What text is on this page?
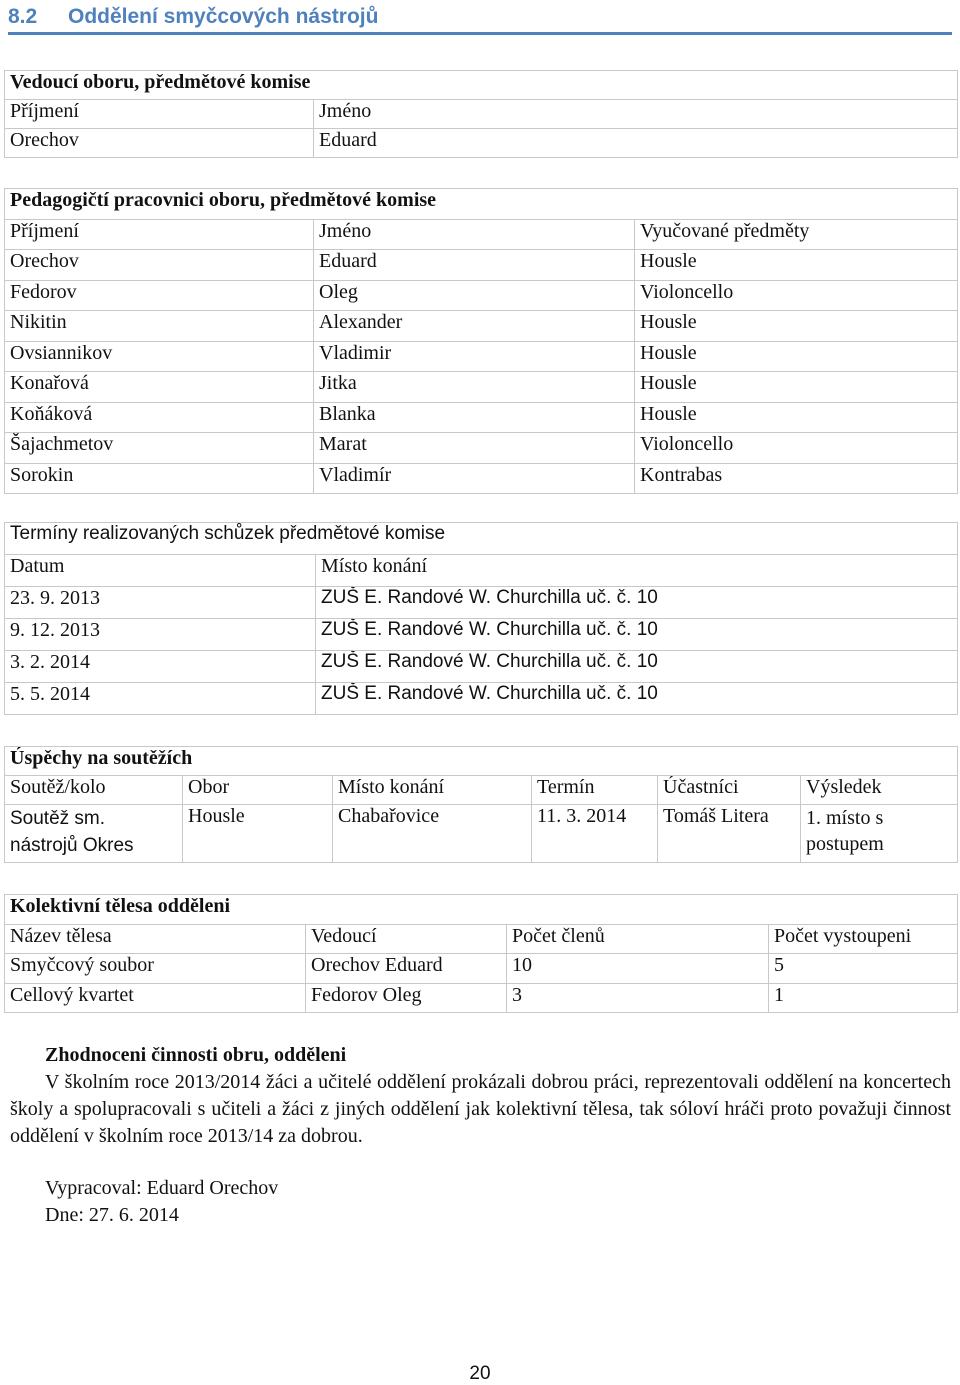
8.2 Oddělení smyčcových nástrojů
Vedoucí oboru, předmětové komise	
Příjmení	Jméno
Orechov	Eduard
Pedagogičtí pracovnici oboru, předmětové komise		
Příjmení	Jméno	Vyučované předměty
Orechov	Eduard	Housle
Fedorov	Oleg	Violoncello
Nikitin	Alexander	Housle
Ovsiannikov	Vladimir	Housle
Konařová	Jitka	Housle
Koňáková	Blanka	Housle
Šajachmetov	Marat	Violoncello
Sorokin	Vladimír	Kontrabas
Termíny realizovaných schůzek předmětové komise	
Datum	Místo konání
23. 9. 2013	ZUŠ E. Randové W. Churchilla uč. č. 10
9. 12. 2013	ZUŠ E. Randové W. Churchilla uč. č. 10
3. 2. 2014	ZUŠ E. Randové W. Churchilla uč. č. 10
5. 5. 2014	ZUŠ E. Randové W. Churchilla uč. č. 10
Úspěchy na soutěžích					
Soutěž/kolo	Obor	Místo konání	Termín	Účastníci	Výsledek
Soutěž sm. nástrojů Okres	Housle	Chabařovice	11. 3. 2014	Tomáš Litera	1. místo s postupem
Kolektivní tělesa odděleni			
Název tělesa	Vedoucí	Počet členů	Počet vystoupeni
Smyčcový soubor	Orechov Eduard	10	5
Cellový kvartet	Fedorov Oleg	3	1
Zhodnoceni činnosti obru, odděleni
V školním roce 2013/2014 žáci a učitelé oddělení prokázali dobrou práci, reprezentovali oddělení na koncertech školy a spolupracovali s učiteli a žáci z jiných oddělení jak kolektivní tělesa, tak sóloví hráči proto považuji činnost oddělení v školním roce 2013/14 za dobrou.
Vypracoval: Eduard Orechov
Dne: 27. 6. 2014
20
